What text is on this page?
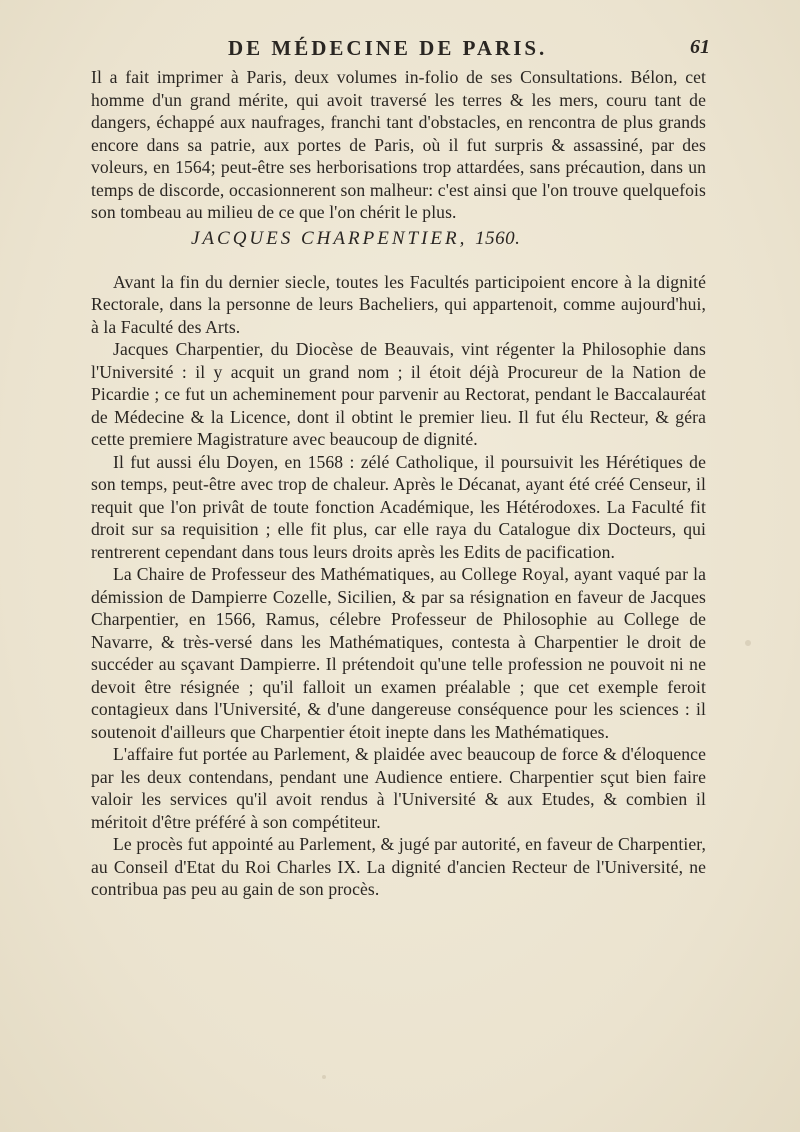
DE MÉDECINE DE PARIS.	61

Il a fait imprimer à Paris, deux volumes in-folio de ses Consultations. Bélon, cet homme d'un grand mérite, qui avoit traversé les terres & les mers, couru tant de dangers, échappé aux naufrages, franchi tant d'obstacles, en rencontra de plus grands encore dans sa patrie, aux portes de Paris, où il fut surpris & assassiné, par des voleurs, en 1564; peut-être ses herborisations trop attardées, sans précaution, dans un temps de discorde, occasionnerent son malheur: c'est ainsi que l'on trouve quelquefois son tombeau au milieu de ce que l'on chérit le plus.

JACQUES CHARPENTIER, 1560.

Avant la fin du dernier siecle, toutes les Facultés participoient encore à la dignité Rectorale, dans la personne de leurs Bacheliers, qui appartenoit, comme aujourd'hui, à la Faculté des Arts.

Jacques Charpentier, du Diocèse de Beauvais, vint régenter la Philosophie dans l'Université : il y acquit un grand nom ; il étoit déjà Procureur de la Nation de Picardie ; ce fut un acheminement pour parvenir au Rectorat, pendant le Baccalauréat de Médecine & la Licence, dont il obtint le premier lieu. Il fut élu Recteur, & géra cette premiere Magistrature avec beaucoup de dignité.

Il fut aussi élu Doyen, en 1568 : zélé Catholique, il poursuivit les Hérétiques de son temps, peut-être avec trop de chaleur. Après le Décanat, ayant été créé Censeur, il requit que l'on privât de toute fonction Académique, les Hétérodoxes. La Faculté fit droit sur sa requisition ; elle fit plus, car elle raya du Catalogue dix Docteurs, qui rentrerent cependant dans tous leurs droits après les Edits de pacification.

La Chaire de Professeur des Mathématiques, au College Royal, ayant vaqué par la démission de Dampierre Cozelle, Sicilien, & par sa résignation en faveur de Jacques Charpentier, en 1566, Ramus, célebre Professeur de Philosophie au College de Navarre, & très-versé dans les Mathématiques, contesta à Charpentier le droit de succéder au sçavant Dampierre. Il prétendoit qu'une telle profession ne pouvoit ni ne devoit être résignée ; qu'il falloit un examen préalable ; que cet exemple feroit contagieux dans l'Université, & d'une dangereuse conséquence pour les sciences : il soutenoit d'ailleurs que Charpentier étoit inepte dans les Mathématiques.

L'affaire fut portée au Parlement, & plaidée avec beaucoup de force & d'éloquence par les deux contendans, pendant une Audience entiere. Charpentier sçut bien faire valoir les services qu'il avoit rendus à l'Université & aux Etudes, & combien il méritoit d'être préféré à son compétiteur.

Le procès fut appointé au Parlement, & jugé par autorité, en faveur de Charpentier, au Conseil d'Etat du Roi Charles IX. La dignité d'ancien Recteur de l'Université, ne contribua pas peu au gain de son procès.
